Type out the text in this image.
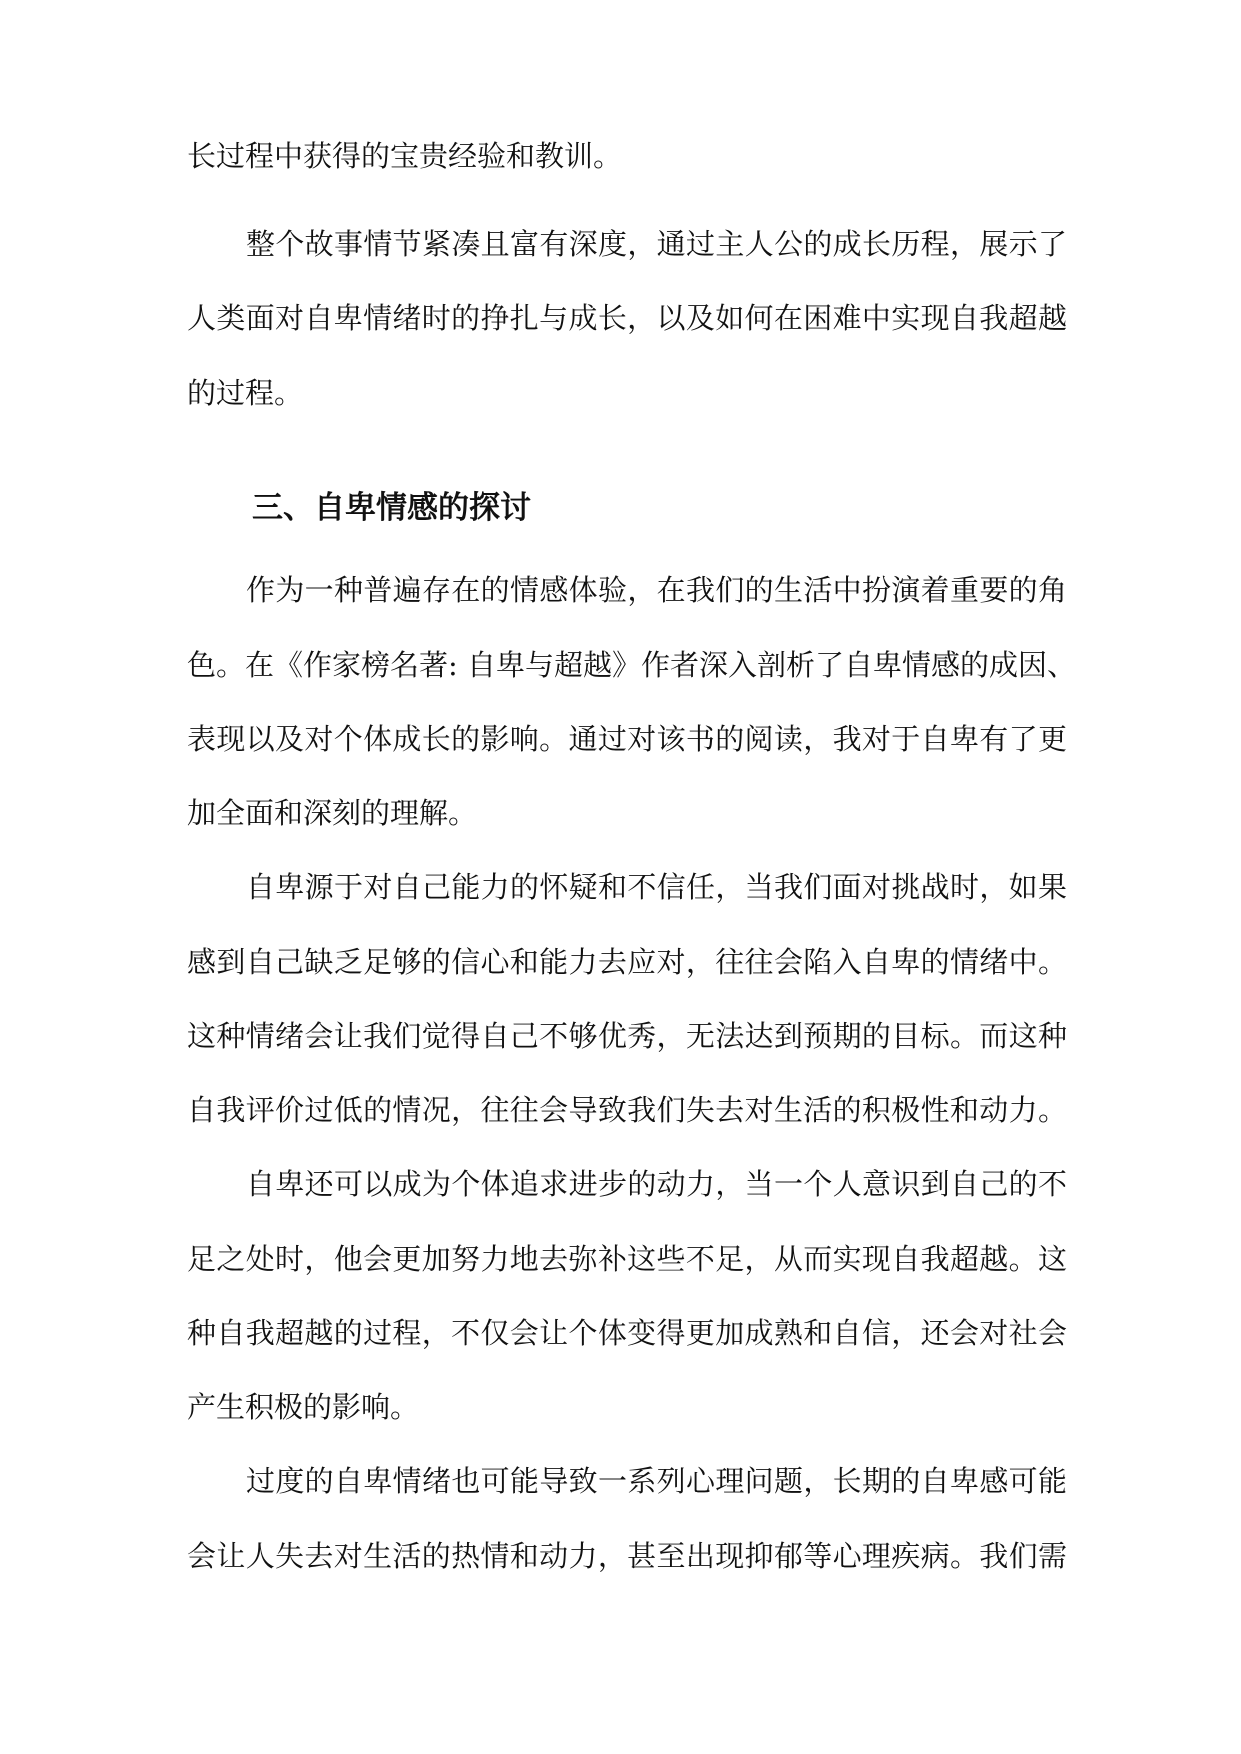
长过程中获得的宝贵经验和教训。
整个故事情节紧凑且富有深度，通过主人公的成长历程，展示了
人类面对自卑情绪时的挣扎与成长，以及如何在困难中实现自我超越
的过程。
三、自卑情感的探讨
作为一种普遍存在的情感体验，在我们的生活中扮演着重要的角
色。在《作家榜名著: 自卑与超越》作者深入剖析了自卑情感的成因、
表现以及对个体成长的影响。通过对该书的阅读，我对于自卑有了更
加全面和深刻的理解。
自卑源于对自己能力的怀疑和不信任，当我们面对挑战时，如果
感到自己缺乏足够的信心和能力去应对，往往会陷入自卑的情绪中。
这种情绪会让我们觉得自己不够优秀，无法达到预期的目标。而这种
自我评价过低的情况，往往会导致我们失去对生活的积极性和动力。
自卑还可以成为个体追求进步的动力，当一个人意识到自己的不
足之处时，他会更加努力地去弥补这些不足，从而实现自我超越。这
种自我超越的过程，不仅会让个体变得更加成熟和自信，还会对社会
产生积极的影响。
过度的自卑情绪也可能导致一系列心理问题，长期的自卑感可能
会让人失去对生活的热情和动力，甚至出现抑郁等心理疾病。我们需
